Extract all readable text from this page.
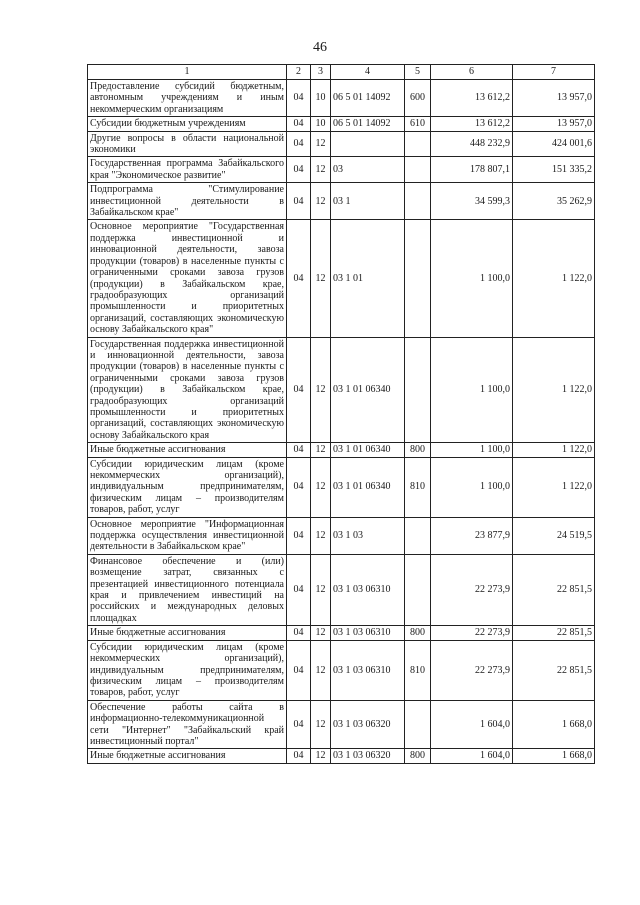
46
1	2	3	4	5	6	7
Предоставление субсидий бюджетным, автономным учреждениям и иным некоммерческим организациям	04	10	06 5 01 14092	600	13 612,2	13 957,0
Субсидии бюджетным учреждениям	04	10	06 5 01 14092	610	13 612,2	13 957,0
Другие вопросы в области национальной экономики	04	12			448 232,9	424 001,6
Государственная программа Забайкальского края "Экономическое развитие"	04	12	03		178 807,1	151 335,2
Подпрограмма "Стимулирование инвестиционной деятельности в Забайкальском крае"	04	12	03 1		34 599,3	35 262,9
Основное мероприятие "Государственная поддержка инвестиционной и инновационной деятельности, завоза продукции (товаров) в населенные пункты с ограниченными сроками завоза грузов (продукции) в Забайкальском крае, градообразующих организаций промышленности и приоритетных организаций, составляющих экономическую основу Забайкальского края"	04	12	03 1 01		1 100,0	1 122,0
Государственная поддержка инвестиционной и инновационной деятельности, завоза продукции (товаров) в населенные пункты с ограниченными сроками завоза грузов (продукции) в Забайкальском крае, градообразующих организаций промышленности и приоритетных организаций, составляющих экономическую основу Забайкальского края	04	12	03 1 01 06340		1 100,0	1 122,0
Иные бюджетные ассигнования	04	12	03 1 01 06340	800	1 100,0	1 122,0
Субсидии юридическим лицам (кроме некоммерческих организаций), индивидуальным предпринимателям, физическим лицам – производителям товаров, работ, услуг	04	12	03 1 01 06340	810	1 100,0	1 122,0
Основное мероприятие "Информационная поддержка осуществления инвестиционной деятельности в Забайкальском крае"	04	12	03 1 03		23 877,9	24 519,5
Финансовое обеспечение и (или) возмещение затрат, связанных с презентацией инвестиционного потенциала края и привлечением инвестиций на российских и международных деловых площадках	04	12	03 1 03 06310		22 273,9	22 851,5
Иные бюджетные ассигнования	04	12	03 1 03 06310	800	22 273,9	22 851,5
Субсидии юридическим лицам (кроме некоммерческих организаций), индивидуальным предпринимателям, физическим лицам – производителям товаров, работ, услуг	04	12	03 1 03 06310	810	22 273,9	22 851,5
Обеспечение работы сайта в информационно-телекоммуникационной сети "Интернет" "Забайкальский край инвестиционный портал"	04	12	03 1 03 06320		1 604,0	1 668,0
Иные бюджетные ассигнования	04	12	03 1 03 06320	800	1 604,0	1 668,0
